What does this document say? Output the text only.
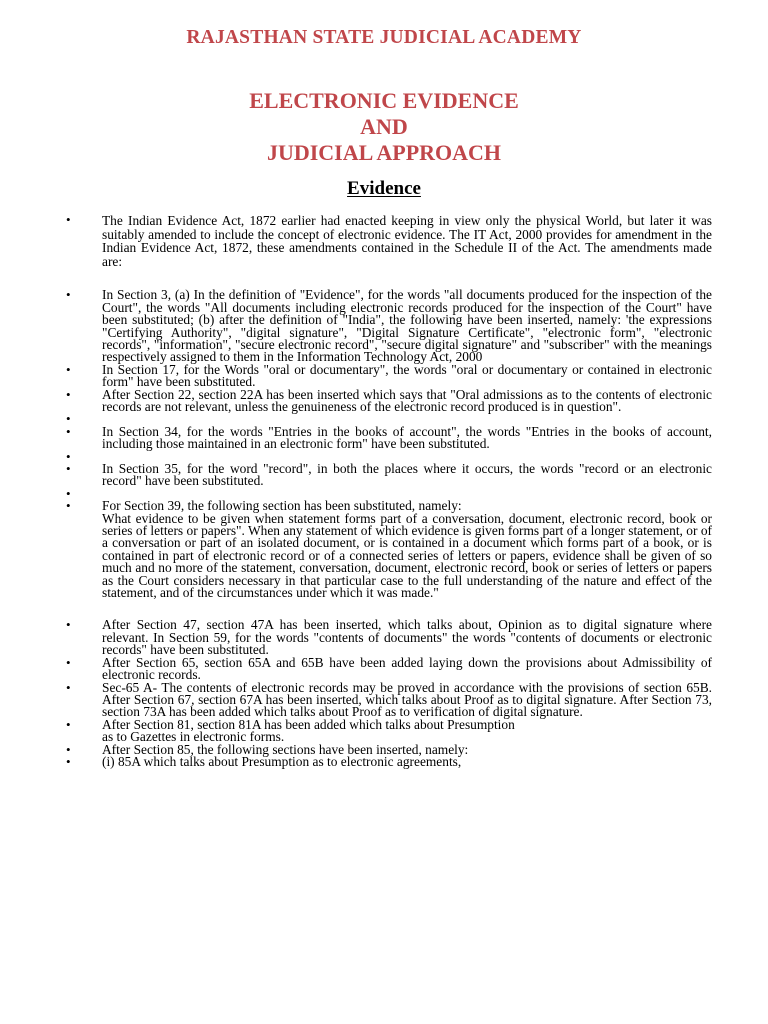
RAJASTHAN STATE JUDICIAL ACADEMY
ELECTRONIC EVIDENCE
AND
JUDICIAL APPROACH
Evidence
• The Indian Evidence Act, 1872 earlier had enacted keeping in view only the physical World, but later it was suitably amended to include the concept of electronic evidence. The IT Act, 2000 provides for amendment in the Indian Evidence Act, 1872, these amendments contained in the Schedule II of the Act. The amendments made are:

• In Section 3, (a) In the definition of "Evidence", for the words "all documents produced for the inspection of the Court", the words "All documents including electronic records produced for the inspection of the Court" have been substituted; (b) after the definition of "India", the following have been inserted, namely: 'the expressions "Certifying Authority", "digital signature", "Digital Signature Certificate", "electronic form", "electronic records", "information", "secure electronic record", "secure digital signature" and "subscriber" with the meanings respectively assigned to them in the Information Technology Act, 2000

• In Section 17, for the Words "oral or documentary", the words "oral or documentary or contained in electronic form" have been substituted.

• After Section 22, section 22A has been inserted which says that "Oral admissions as to the contents of electronic records are not relevant, unless the genuineness of the electronic record produced is in question".

•

• In Section 34, for the words "Entries in the books of account", the words "Entries in the books of account, including those maintained in an electronic form" have been substituted.

•

• In Section 35, for the word "record", in both the places where it occurs, the words "record or an electronic record" have been substituted.

•

• For Section 39, the following section has been substituted, namely:

What evidence to be given when statement forms part of a conversation, document, electronic record, book or series of letters or papers". When any statement of which evidence is given forms part of a longer statement, or of a conversation or part of an isolated document, or is contained in a document which forms part of a book, or is contained in part of electronic record or of a connected series of letters or papers, evidence shall be given of so much and no more of the statement, conversation, document, electronic record, book or series of letters or papers as the Court considers necessary in that particular case to the full understanding of the nature and effect of the statement, and of the circumstances under which it was made."

• After Section 47, section 47A has been inserted, which talks about, Opinion as to digital signature where relevant. In Section 59, for the words "contents of documents" the words "contents of documents or electronic records" have been substituted.

• After Section 65, section 65A and 65B have been added laying down the provisions about Admissibility of electronic records.

• Sec-65 A- The contents of electronic records may be proved in accordance with the provisions of section 65B. After Section 67, section 67A has been inserted, which talks about Proof as to digital signature. After Section 73, section 73A has been added which talks about Proof as to verification of digital signature.

• After Section 81, section 81A has been added which talks about Presumption

as to Gazettes in electronic forms.

• After Section 85, the following sections have been inserted, namely:

• (i) 85A which talks about Presumption as to electronic agreements,
